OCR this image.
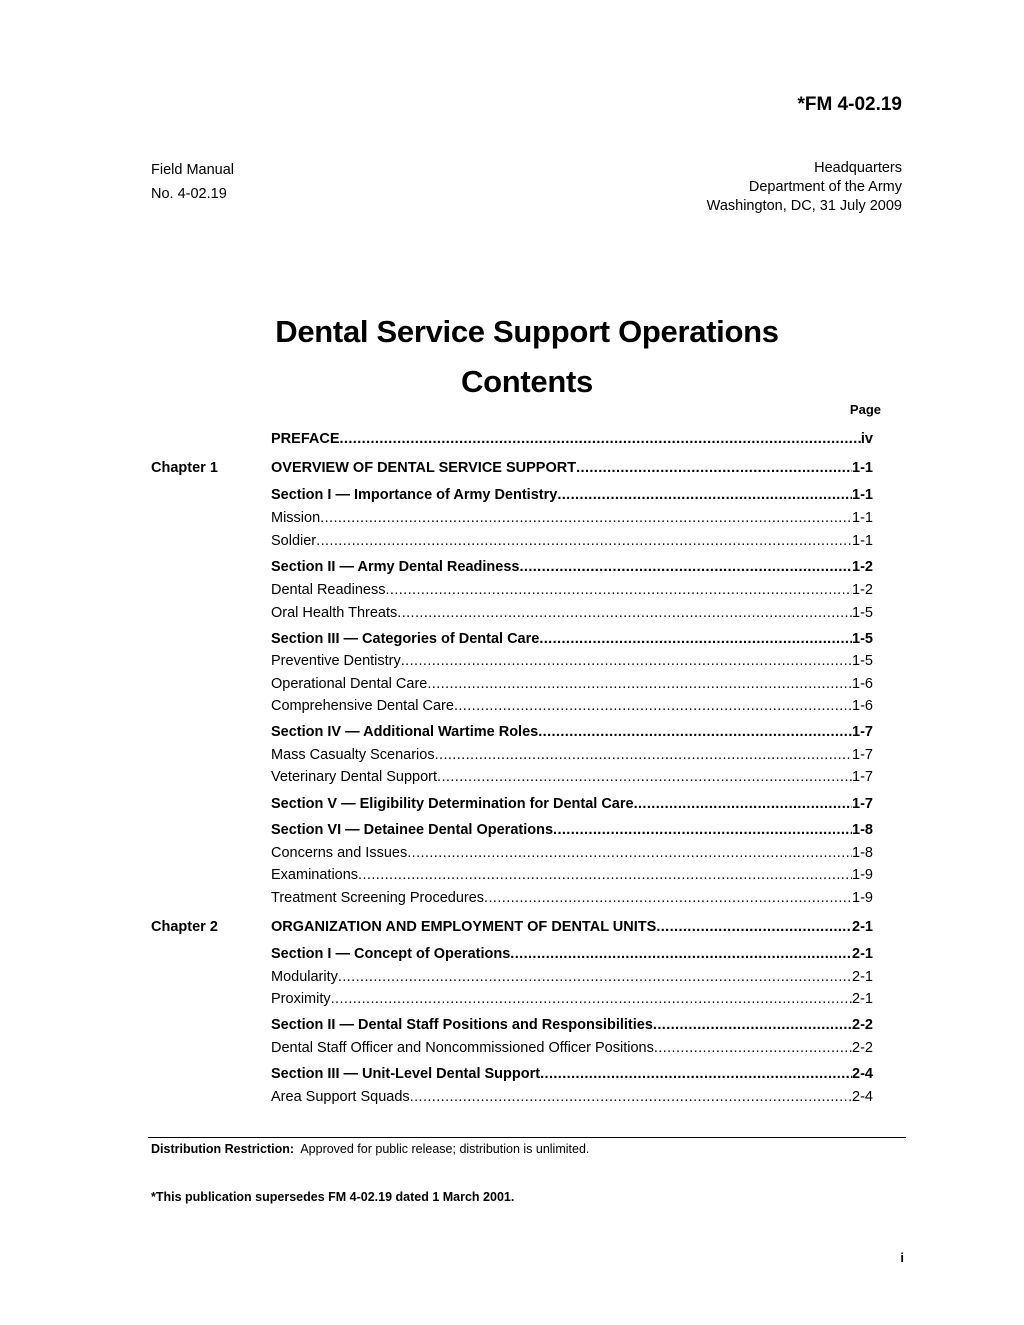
*FM 4-02.19
Field Manual
No. 4-02.19
Headquarters
Department of the Army
Washington, DC, 31 July 2009
Dental Service Support Operations
Contents
Page
PREFACE .....	iv
Chapter 1	OVERVIEW OF DENTAL SERVICE SUPPORT .....	1-1
Section I — Importance of Army Dentistry .....	1-1
Mission .....	1-1
Soldier .....	1-1
Section II — Army Dental Readiness .....	1-2
Dental Readiness .....	1-2
Oral Health Threats .....	1-5
Section III — Categories of Dental Care .....	1-5
Preventive Dentistry .....	1-5
Operational Dental Care .....	1-6
Comprehensive Dental Care .....	1-6
Section IV — Additional Wartime Roles .....	1-7
Mass Casualty Scenarios .....	1-7
Veterinary Dental Support .....	1-7
Section V — Eligibility Determination for Dental Care .....	1-7
Section VI — Detainee Dental Operations .....	1-8
Concerns and Issues .....	1-8
Examinations .....	1-9
Treatment Screening Procedures .....	1-9
Chapter 2	ORGANIZATION AND EMPLOYMENT OF DENTAL UNITS .....	2-1
Section I — Concept of Operations .....	2-1
Modularity .....	2-1
Proximity .....	2-1
Section II — Dental Staff Positions and Responsibilities .....	2-2
Dental Staff Officer and Noncommissioned Officer Positions .....	2-2
Section III — Unit-Level Dental Support .....	2-4
Area Support Squads .....	2-4
Distribution Restriction: Approved for public release; distribution is unlimited.
*This publication supersedes FM 4-02.19 dated 1 March 2001.
i
